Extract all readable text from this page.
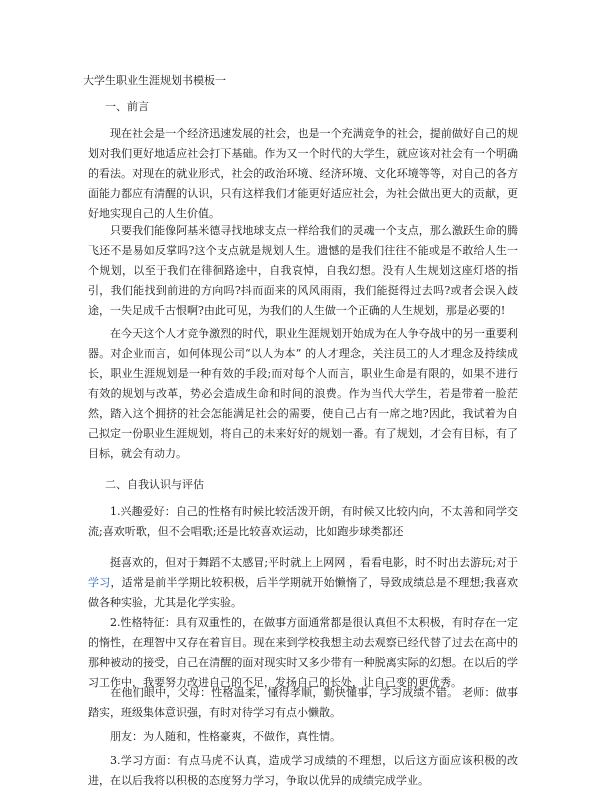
大学生职业生涯规划书模板一
一、前言
现在社会是一个经济迅速发展的社会，也是一个充满竞争的社会，提前做好自己的规划对我们更好地适应社会打下基础。作为又一个时代的大学生，就应该对社会有一个明确的看法。对现在的就业形式，社会的政治环境、经济环境、文化环境等等，对自己的各方面能力都应有清醒的认识，只有这样我们才能更好适应社会，为社会做出更大的贡献，更好地实现自己的人生价值。
只要我们能像阿基米德寻找地球支点一样给我们的灵魂一个支点，那么激跃生命的腾飞还不是易如反掌吗?这个支点就是规划人生。遗憾的是我们往往不能或是不敢给人生一个规划，以至于我们在徘徊路途中，自我哀悼，自我幻想。没有人生规划这座灯塔的指引，我们能找到前进的方向吗?抖而面来的风风雨雨，我们能挺得过去吗?或者会误入歧途，一失足成千古恨啊?由此可见，为我们的人生做一个正确的人生规划，那是必要的!
在今天这个人才竞争激烈的时代，职业生涯规划开始成为在人争夺战中的另一重要利器。对企业而言，如何体现公司“以人为本” 的人才理念，关注员工的人才理念及持续成长，职业生涯规划是一种有效的手段;而对每个人而言，职业生命是有限的，如果不进行有效的规划与改革，势必会造成生命和时间的浪费。作为当代大学生，若是带着一脸茫然，踏入这个拥挤的社会怎能满足社会的需要，使自己占有一席之地?因此，我试着为自己拟定一份职业生涯规划，将自己的未来好好的规划一番。有了规划，才会有目标，有了目标，就会有动力。
二、自我认识与评估
1.兴趣爱好：自己的性格有时候比较活泼开朗，有时候又比较内向，不太善和同学交流;喜欢听歌，但不会唱歌;还是比较喜欢运动，比如跑步球类都还
挺喜欢的，但对于舞蹈不太感冒;平时就上上网网 ，看看电影，时不时出去游玩;对于学习，适常是前半学期比较积极，后半学期就开始懒惰了，导致成绩总是不理想;我喜欢做各种实验，尤其是化学实验。
2.性格特征：具有双重性的，在做事方面通常都是很认真但不太积极，有时存在一定的惰性，在理智中又存在着盲目。现在来到学校我想主动去观察已经代替了过去在高中的那种被动的接受，自己在清醒的面对现实时又多少带有一种脱离实际的幻想。在以后的学习工作中，我要努力改进自己的不足，发扬自己的长处，让自己变的更优秀。
在他们眼中，父母：性格温柔，懂得孝顺，勤快懂事，学习成绩不错。 老师：做事踏实，班级集体意识强，有时对待学习有点小懒散。
朋友：为人随和，性格豪爽，不做作，真性情。
3.学习方面：有点马虎不认真，造成学习成绩的不理想，以后这方面应该积极的改进，在以后我将以积极的态度努力学习，争取以优异的成绩完成学业。
